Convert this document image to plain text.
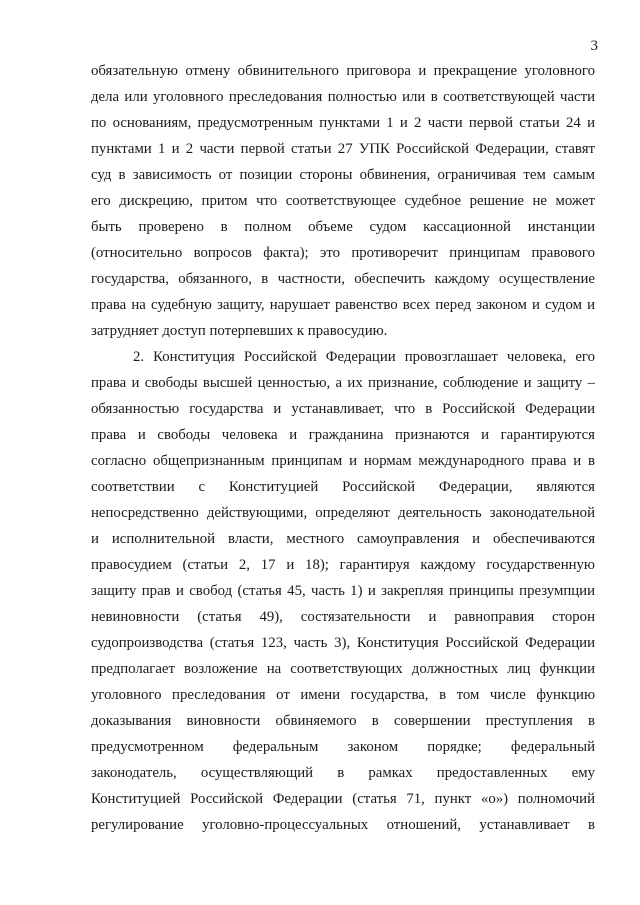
3
обязательную отмену обвинительного приговора и прекращение уголовного
дела или уголовного преследования полностью или в соответствующей части
по основаниям, предусмотренным пунктами 1 и 2 части первой статьи 24 и
пунктами 1 и 2 части первой статьи 27 УПК Российской Федерации, ставят
суд в зависимость от позиции стороны обвинения, ограничивая тем самым
его дискрецию, притом что соответствующее судебное решение не может
быть проверено в полном объеме судом кассационной инстанции
(относительно вопросов факта); это противоречит принципам правового
государства, обязанного, в частности, обеспечить каждому осуществление
права на судебную защиту, нарушает равенство всех перед законом и судом и
затрудняет доступ потерпевших к правосудию.
2. Конституция Российской Федерации провозглашает человека, его
права и свободы высшей ценностью, а их признание, соблюдение и защиту –
обязанностью государства и устанавливает, что в Российской Федерации
права и свободы человека и гражданина признаются и гарантируются
согласно общепризнанным принципам и нормам международного права и в
соответствии с Конституцией Российской Федерации, являются
непосредственно действующими, определяют деятельность законодательной
и исполнительной власти, местного самоуправления и обеспечиваются
правосудием (статьи 2, 17 и 18); гарантируя каждому государственную
защиту прав и свобод (статья 45, часть 1) и закрепляя принципы презумпции
невиновности (статья 49), состязательности и равноправия сторон
судопроизводства (статья 123, часть 3), Конституция Российской Федерации
предполагает возложение на соответствующих должностных лиц функции
уголовного преследования от имени государства, в том числе функцию
доказывания виновности обвиняемого в совершении преступления в
предусмотренном федеральным законом порядке; федеральный
законодатель, осуществляющий в рамках предоставленных ему
Конституцией Российской Федерации (статья 71, пункт «о») полномочий
регулирование уголовно-процессуальных отношений, устанавливает в
